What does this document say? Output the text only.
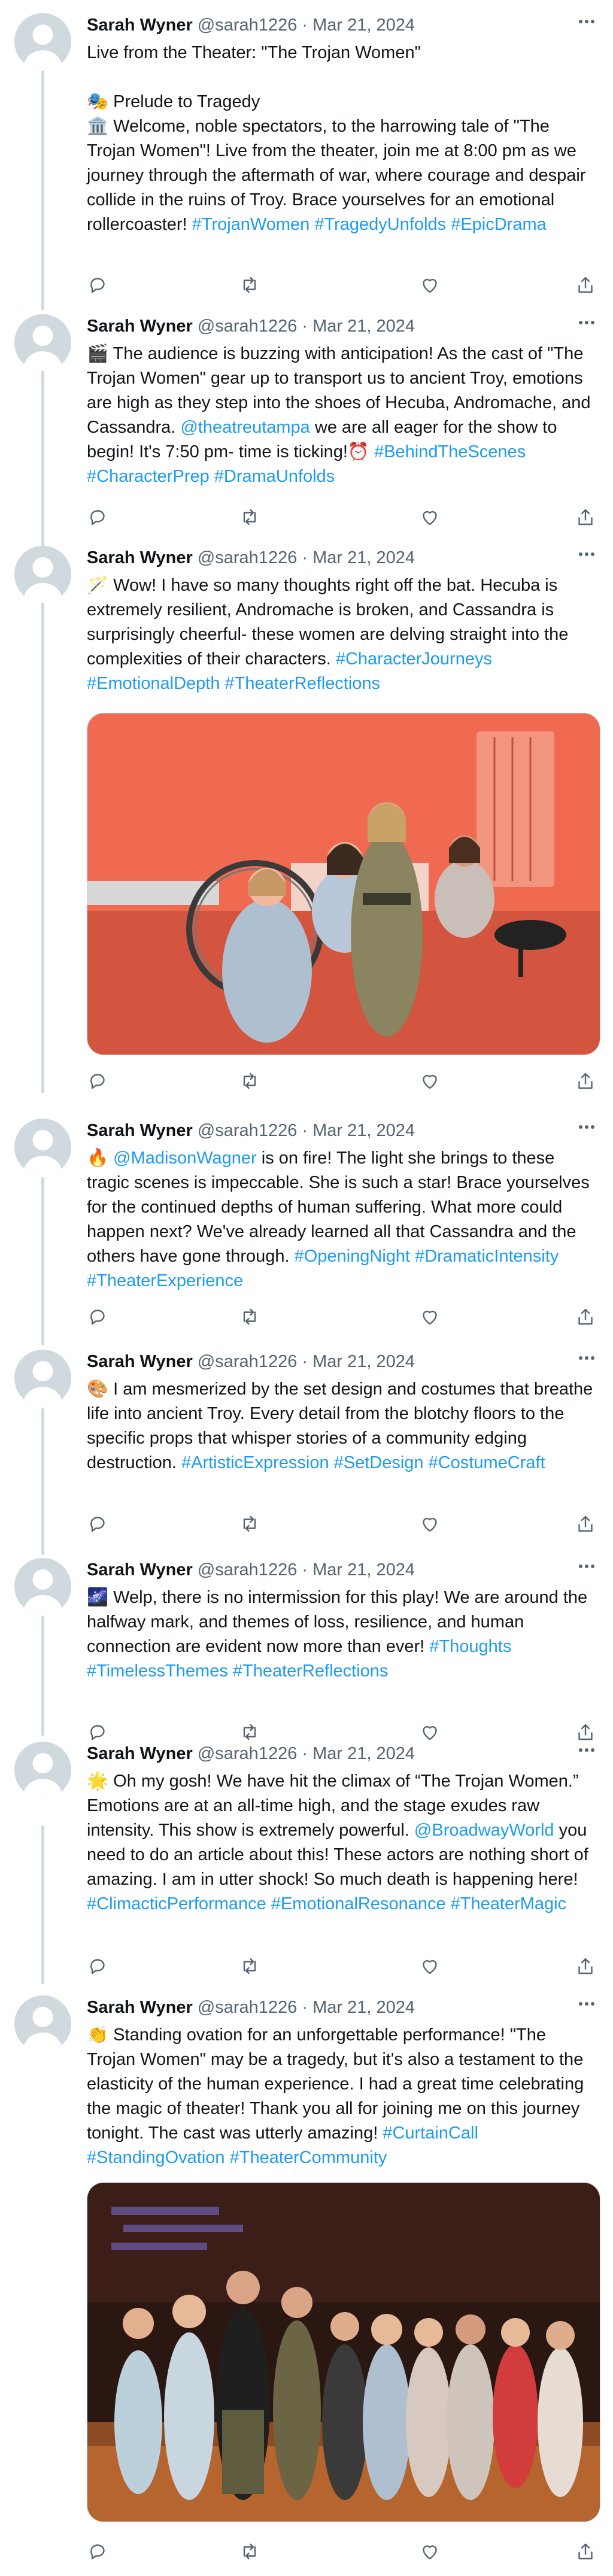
Sarah Wyner @sarah1226 · Mar 21, 2024

Live from the Theater: "The Trojan Women"

🎭 Prelude to Tragedy

🏛️ Welcome, noble spectators, to the harrowing tale of "The Trojan Women"! Live from the theater, join me at 8:00 pm as we journey through the aftermath of war, where courage and despair collide in the ruins of Troy. Brace yourselves for an emotional rollercoaster! #TrojanWomen #TragedyUnfolds #EpicDrama

Sarah Wyner @sarah1226 · Mar 21, 2024

🎬 The audience is buzzing with anticipation! As the cast of "The Trojan Women" gear up to transport us to ancient Troy, emotions are high as they step into the shoes of Hecuba, Andromache, and Cassandra. @theatreutampa we are all eager for the show to begin! It's 7:50 pm- time is ticking!⏰ #BehindTheScenes #CharacterPrep #DramaUnfolds

Sarah Wyner @sarah1226 · Mar 21, 2024

🪄 Wow! I have so many thoughts right off the bat. Hecuba is extremely resilient, Andromache is broken, and Cassandra is surprisingly cheerful- these women are delving straight into the complexities of their characters. #CharacterJourneys #EmotionalDepth #TheaterReflections

Sarah Wyner @sarah1226 · Mar 21, 2024

🔥 @MadisonWagner is on fire! The light she brings to these tragic scenes is impeccable. She is such a star! Brace yourselves for the continued depths of human suffering. What more could happen next? We've already learned all that Cassandra and the others have gone through. #OpeningNight #DramaticIntensity #TheaterExperience

Sarah Wyner @sarah1226 · Mar 21, 2024

🎨 I am mesmerized by the set design and costumes that breathe life into ancient Troy. Every detail from the blotchy floors to the specific props that whisper stories of a community edging destruction. #ArtisticExpression #SetDesign #CostumeCraft

Sarah Wyner @sarah1226 · Mar 21, 2024

🌌 Welp, there is no intermission for this play! We are around the halfway mark, and themes of loss, resilience, and human connection are evident now more than ever! #Thoughts #TimelessThemes #TheaterReflections

Sarah Wyner @sarah1226 · Mar 21, 2024

🌟 Oh my gosh! We have hit the climax of “The Trojan Women.” Emotions are at an all-time high, and the stage exudes raw intensity. This show is extremely powerful. @BroadwayWorld you need to do an article about this! These actors are nothing short of amazing. I am in utter shock! So much death is happening here! #ClimacticPerformance #EmotionalResonance #TheaterMagic

Sarah Wyner @sarah1226 · Mar 21, 2024

👏 Standing ovation for an unforgettable performance! "The Trojan Women" may be a tragedy, but it's also a testament to the elasticity of the human experience. I had a great time celebrating the magic of theater! Thank you all for joining me on this journey tonight. The cast was utterly amazing! #CurtainCall #StandingOvation #TheaterCommunity
